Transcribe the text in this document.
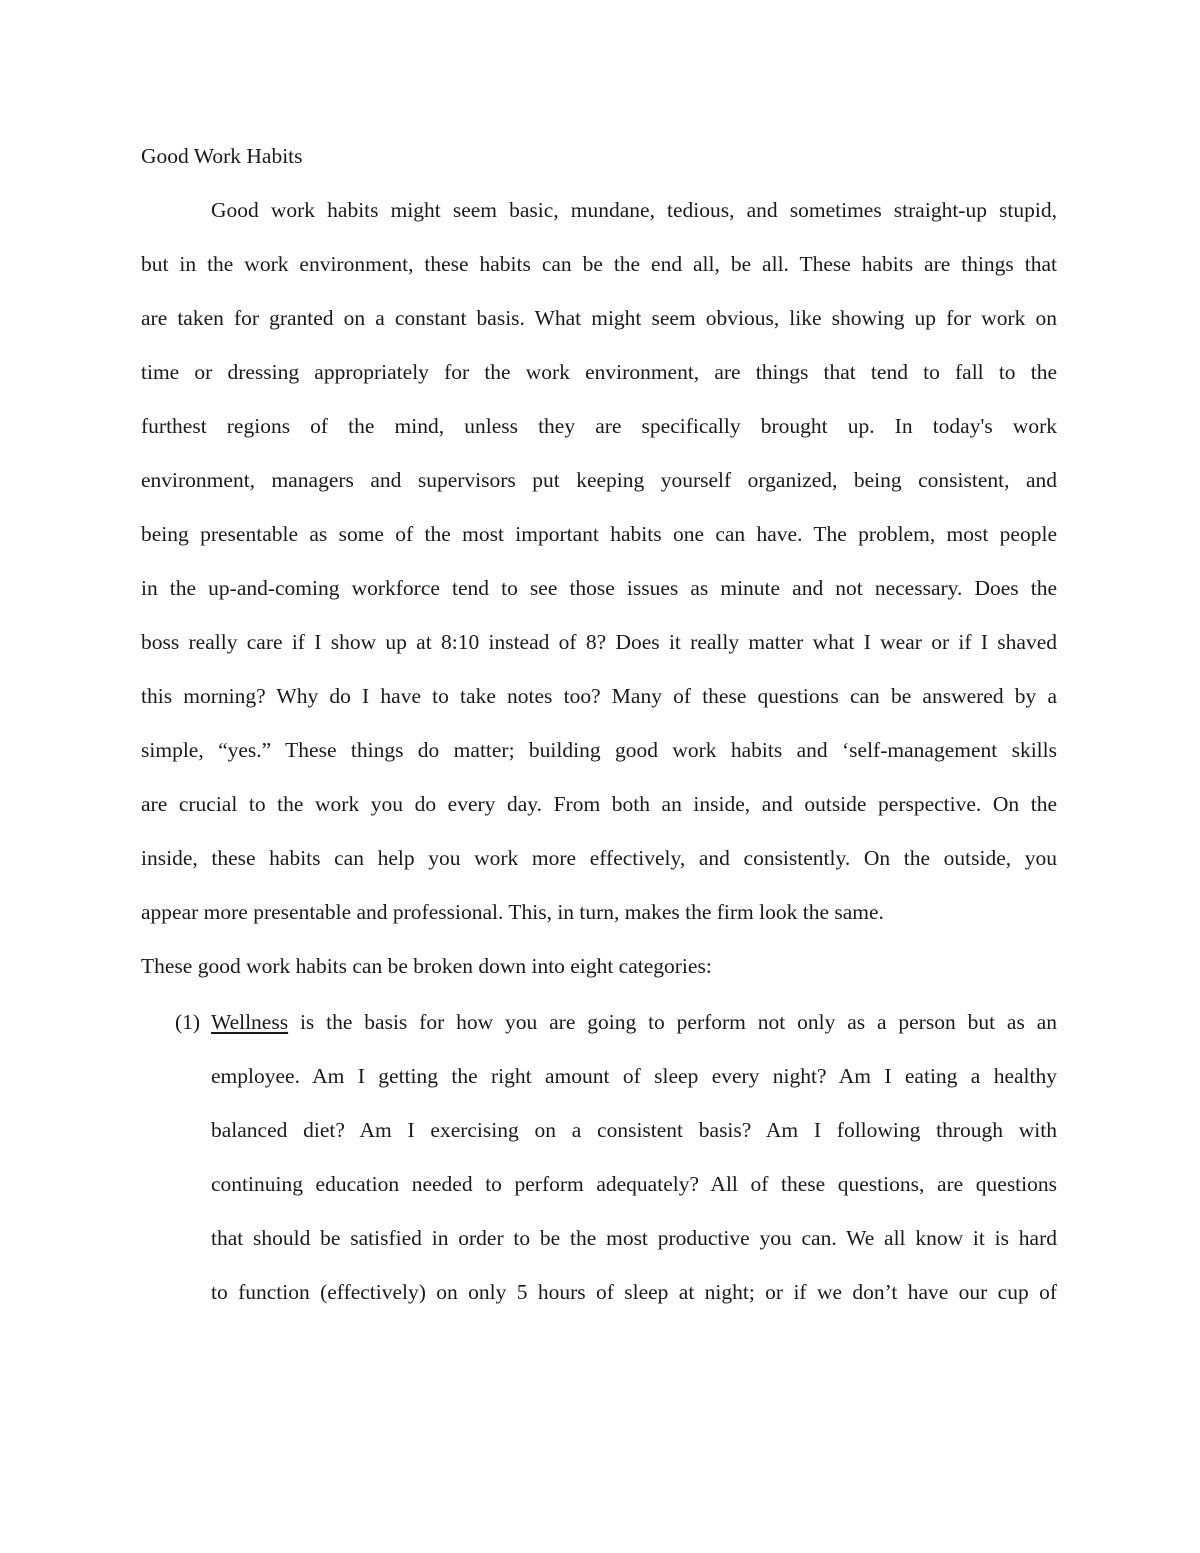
Good Work Habits

Good work habits might seem basic, mundane, tedious, and sometimes straight-up stupid,

but in the work environment, these habits can be the end all, be all. These habits are things that

are taken for granted on a constant basis. What might seem obvious, like showing up for work on

time or dressing appropriately for the work environment, are things that tend to fall to the

furthest regions of the mind, unless they are specifically brought up. In today's work

environment, managers and supervisors put keeping yourself organized, being consistent, and

being presentable as some of the most important habits one can have. The problem, most people

in the up-and-coming workforce tend to see those issues as minute and not necessary. Does the

boss really care if I show up at 8:10 instead of 8? Does it really matter what I wear or if I shaved

this morning? Why do I have to take notes too? Many of these questions can be answered by a

simple, “yes.” These things do matter; building good work habits and ‘self-management skills

are crucial to the work you do every day. From both an inside, and outside perspective. On the

inside, these habits can help you work more effectively, and consistently. On the outside, you

appear more presentable and professional. This, in turn, makes the firm look the same.

These good work habits can be broken down into eight categories:

(1) Wellness is the basis for how you are going to perform not only as a person but as an

employee. Am I getting the right amount of sleep every night? Am I eating a healthy

balanced diet? Am I exercising on a consistent basis? Am I following through with

continuing education needed to perform adequately? All of these questions, are questions

that should be satisfied in order to be the most productive you can. We all know it is hard

to function (effectively) on only 5 hours of sleep at night; or if we don’t have our cup of
